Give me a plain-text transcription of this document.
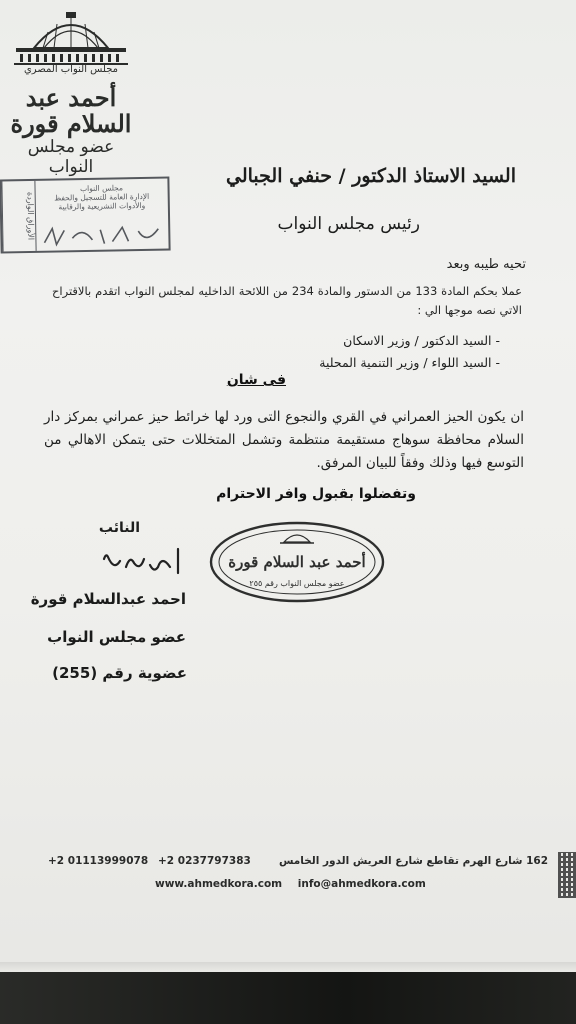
مجلس النواب المصري
أحمد عبد السلام قورة
عضو مجلس النواب
الأوراق الواردة
مجلس النواب
الإدارة العامة للتسجيل والحفظ
والأدوات التشريعية والرقابية
السيد الاستاذ الدكتور / حنفي الجبالي
رئيس مجلس النواب
تحيه طيبه وبعد
عملا بحكم المادة 133 من الدستور والمادة 234 من اللائحة الداخليه لمجلس النواب اتقدم بالاقتراح الاتي نصه موجها الي :
- السيد الدكتور / وزير الاسكان
- السيد اللواء / وزير التنمية المحلية
فى شان
ان يكون الحيز العمراني في القري والنجوع التى ورد لها خرائط حيز عمراني بمركز دار السلام محافظة سوهاج مستقيمة منتظمة وتشمل المتخللات حتى يتمكن الاهالي من التوسع فيها وذلك وفقاً للبيان المرفق.
وتفضلوا بقبول وافر الاحترام
النائب
احمد عبدالسلام قورة
عضو مجلس النواب
عضوية رقم (255)
أحمد عبد السلام قورة
عضو مجلس النواب رقم ٢٥٥
162 شارع الهرم تقاطع شارع العريش الدور الخامس
+2 0237797383
+2 01113999078
www.ahmedkora.com info@ahmedkora.com
